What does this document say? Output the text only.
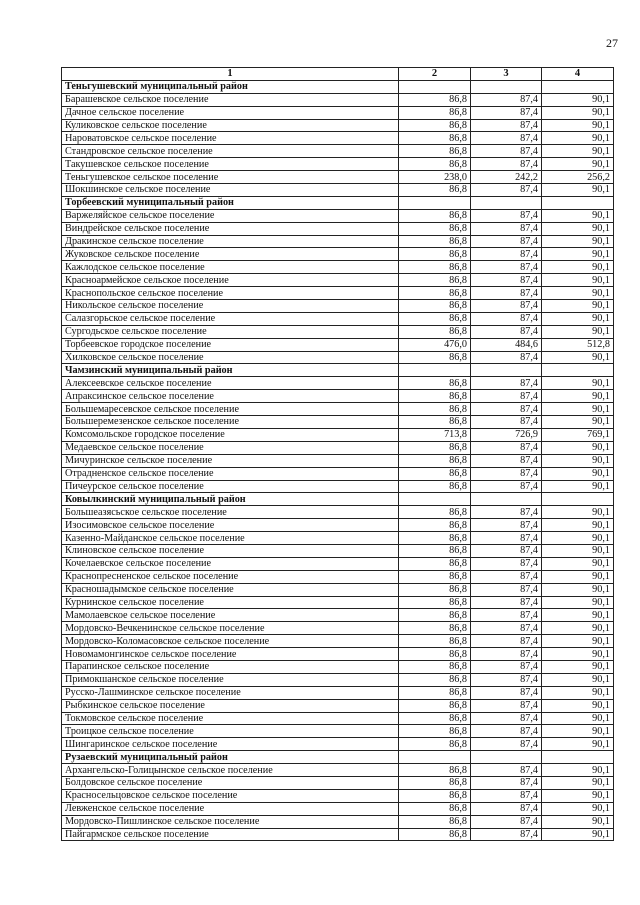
27
1	2	3	4
Теньгушевский муниципальный район			
Барашевское сельское поселение	86,8	87,4	90,1
Дачное сельское поселение	86,8	87,4	90,1
Куликовское сельское поселение	86,8	87,4	90,1
Нароватовское сельское поселение	86,8	87,4	90,1
Стандровское сельское поселение	86,8	87,4	90,1
Такушевское сельское поселение	86,8	87,4	90,1
Теньгушевское сельское поселение	238,0	242,2	256,2
Шокшинское сельское поселение	86,8	87,4	90,1
Торбеевский муниципальный район			
Варжеляйское сельское поселение	86,8	87,4	90,1
Виндрейское сельское поселение	86,8	87,4	90,1
Дракинское сельское поселение	86,8	87,4	90,1
Жуковское сельское поселение	86,8	87,4	90,1
Кажлодское сельское поселение	86,8	87,4	90,1
Красноармейское сельское поселение	86,8	87,4	90,1
Краснопольское сельское поселение	86,8	87,4	90,1
Никольское сельское поселение	86,8	87,4	90,1
Салазгорьское сельское поселение	86,8	87,4	90,1
Сургодьское сельское поселение	86,8	87,4	90,1
Торбеевское городское поселение	476,0	484,6	512,8
Хилковское сельское поселение	86,8	87,4	90,1
Чамзинский муниципальный район			
Алексеевское сельское поселение	86,8	87,4	90,1
Апраксинское сельское поселение	86,8	87,4	90,1
Большемаресевское сельское поселение	86,8	87,4	90,1
Большеремезенское сельское поселение	86,8	87,4	90,1
Комсомольское городское поселение	713,8	726,9	769,1
Медаевское сельское поселение	86,8	87,4	90,1
Мичуринское сельское поселение	86,8	87,4	90,1
Отрадненское сельское поселение	86,8	87,4	90,1
Пичеурское сельское поселение	86,8	87,4	90,1
Ковылкинский муниципальный район			
Большеазясьское сельское поселение	86,8	87,4	90,1
Изосимовское сельское поселение	86,8	87,4	90,1
Казенно-Майданское сельское поселение	86,8	87,4	90,1
Клиновское сельское поселение	86,8	87,4	90,1
Кочелаевское сельское поселение	86,8	87,4	90,1
Краснопресненское сельское поселение	86,8	87,4	90,1
Краснoшадымское сельское поселение	86,8	87,4	90,1
Курнинское сельское поселение	86,8	87,4	90,1
Мамолаевское сельское поселение	86,8	87,4	90,1
Мордовско-Вечкенинское сельское поселение	86,8	87,4	90,1
Мордовско-Коломасовское сельское поселение	86,8	87,4	90,1
Новомамонгинское сельское поселение	86,8	87,4	90,1
Парапинское сельское поселение	86,8	87,4	90,1
Примокшанское сельское поселение	86,8	87,4	90,1
Русско-Лашминское сельское поселение	86,8	87,4	90,1
Рыбкинское сельское поселение	86,8	87,4	90,1
Токмовское сельское поселение	86,8	87,4	90,1
Троицкое сельское поселение	86,8	87,4	90,1
Шингаринское сельское поселение	86,8	87,4	90,1
Рузаевский муниципальный район			
Архангельско-Голицынское сельское поселение	86,8	87,4	90,1
Болдовское сельское поселение	86,8	87,4	90,1
Красносельцовское сельское поселение	86,8	87,4	90,1
Левженское сельское поселение	86,8	87,4	90,1
Мордовско-Пишлинское сельское поселение	86,8	87,4	90,1
Пайгармское сельское поселение	86,8	87,4	90,1
